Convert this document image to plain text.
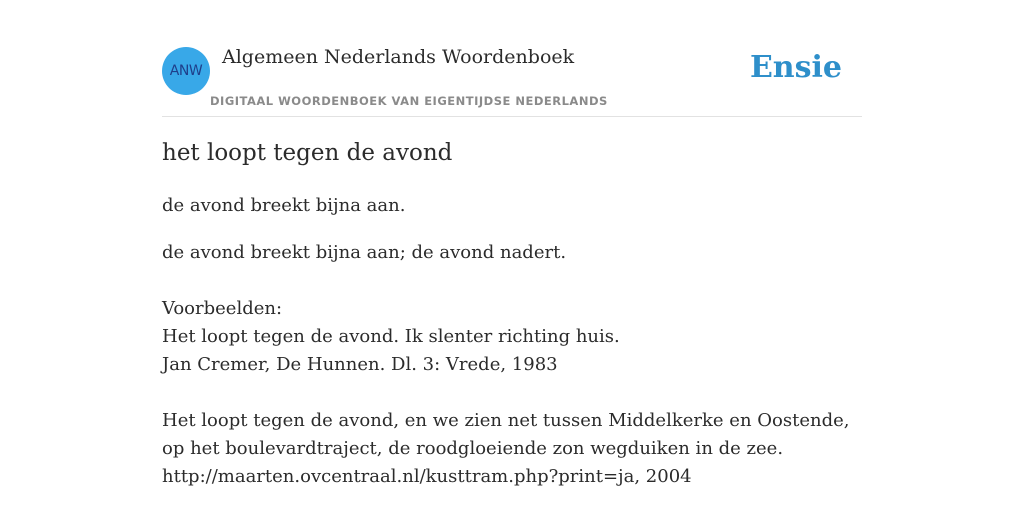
ANW
Algemeen Nederlands Woordenboek
DIGITAAL WOORDENBOEK VAN EIGENTIJDSE NEDERLANDS
Ensie
het loopt tegen de avond
de avond breekt bijna aan.

de avond breekt bijna aan; de avond nadert.

Voorbeelden:

Het loopt tegen de avond. Ik slenter richting huis.

Jan Cremer, De Hunnen. Dl. 3: Vrede, 1983

Het loopt tegen de avond, en we zien net tussen Middelkerke en Oostende, op het boulevardtraject, de roodgloeiende zon wegduiken in de zee.

http://maarten.ovcentraal.nl/kusttram.php?print=ja, 2004
